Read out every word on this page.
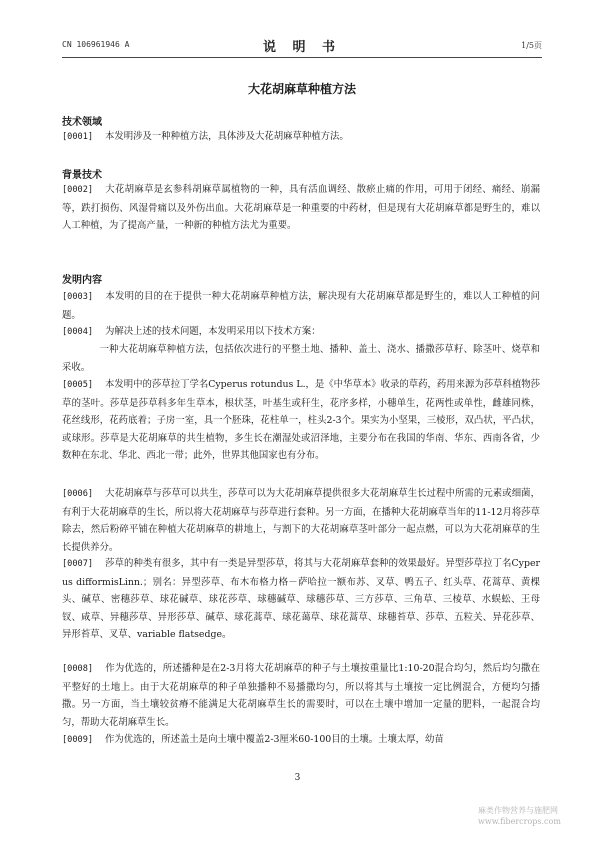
CN 106961946 A	说 明 书	1/5页
大花胡麻草种植方法
技术领域
[0001] 本发明涉及一种种植方法，具体涉及大花胡麻草种植方法。
背景技术
[0002] 大花胡麻草是玄参科胡麻草属植物的一种，具有活血调经、散瘀止痛的作用，可用于闭经、痛经、崩漏等，跌打损伤、风湿骨痛以及外伤出血。大花胡麻草是一种重要的中药材，但是现有大花胡麻草都是野生的，难以人工种植，为了提高产量，一种新的种植方法尤为重要。
发明内容
[0003] 本发明的目的在于提供一种大花胡麻草种植方法，解决现有大花胡麻草都是野生的，难以人工种植的问题。
[0004] 为解决上述的技术问题，本发明采用以下技术方案：
一种大花胡麻草种植方法，包括依次进行的平整土地、播种、盖土、浇水、播撒莎草籽、除茎叶、烧草和采收。
[0005] 本发明中的莎草拉丁学名Cyperus rotundus L.，是《中华草本》收录的草药，药用来源为莎草科植物莎草的茎叶。莎草是莎草科多年生草本，根状茎，叶基生或秆生，花序多样，小穗单生，花两性或单性，雌雄同株，花丝线形，花药底着；子房一室，具一个胚珠，花柱单一，柱头2-3个。果实为小坚果，三棱形，双凸状，平凸状，或球形。莎草是大花胡麻草的共生植物，多生长在潮湿处或沼泽地，主要分布在我国的华南、华东、西南各省，少数种在东北、华北、西北一带；此外，世界其他国家也有分布。
[0006] 大花胡麻草与莎草可以共生，莎草可以为大花胡麻草提供很多大花胡麻草生长过程中所需的元素或细菌，有利于大花胡麻草的生长，所以将大花胡麻草与莎草进行套种。另一方面，在播种大花胡麻草当年的11-12月将莎草除去，然后粉碎平铺在种植大花胡麻草的耕地上，与割下的大花胡麻草茎叶部分一起点燃，可以为大花胡麻草的生长提供养分。
[0007] 莎草的种类有很多，其中有一类是异型莎草，将其与大花胡麻草套种的效果最好。异型莎草拉丁名Cyperus difformisLinn.；别名：异型莎草、布木布格力格－萨哈拉一额布苏、叉草、鸭五子、红头草、花蒿草、黄棵头、碱草、密穗莎草、球花碱草、球花莎草、球穗碱草、球穗莎草、三方莎草、三角草、三棱草、水蜈蚣、王母钗、咸草、异穗莎草、异形莎草、碱草、球花蒿草、球花蔼草、球花蒿草、球穗苔草、莎草、五粒关、异花莎草、异形苔草、叉草、variable flatsedge。
[0008] 作为优选的，所述播种是在2-3月将大花胡麻草的种子与土壤按重量比1:10-20混合均匀，然后均匀撒在平整好的土地上。由于大花胡麻草的种子单独播种不易播撒均匀，所以将其与土壤按一定比例混合，方便均匀播撒。另一方面，当土壤较贫瘠不能满足大花胡麻草生长的需要时，可以在土壤中增加一定量的肥料，一起混合均匀，帮助大花胡麻草生长。
[0009] 作为优选的，所述盖土是向土壤中覆盖2-3厘米60-100目的土壤。土壤太厚，幼苗
3
麻类作物营养与施肥网
www.fibercrops.com
